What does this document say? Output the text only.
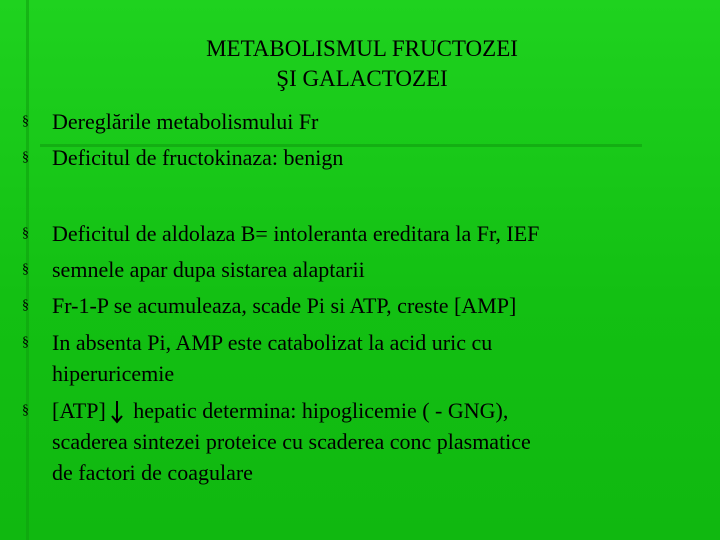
METABOLISMUL FRUCTOZEI
ŞI GALACTOZEI
§	Dereglările metabolismului Fr
§	Deficitul de fructokinaza: benign
§	Deficitul de aldolaza B= intoleranta ereditara la Fr, IEF
§	semnele apar dupa sistarea alaptarii
§	Fr-1-P se acumuleaza, scade Pi si ATP, creste [AMP]
§	In absenta Pi, AMP este catabolizat la acid uric cu
hiperuricemie
§	[ATP]
hepatic determina: hipoglicemie ( - GNG),
scaderea sintezei proteice cu scaderea conc plasmatice
de factori de coagulare
